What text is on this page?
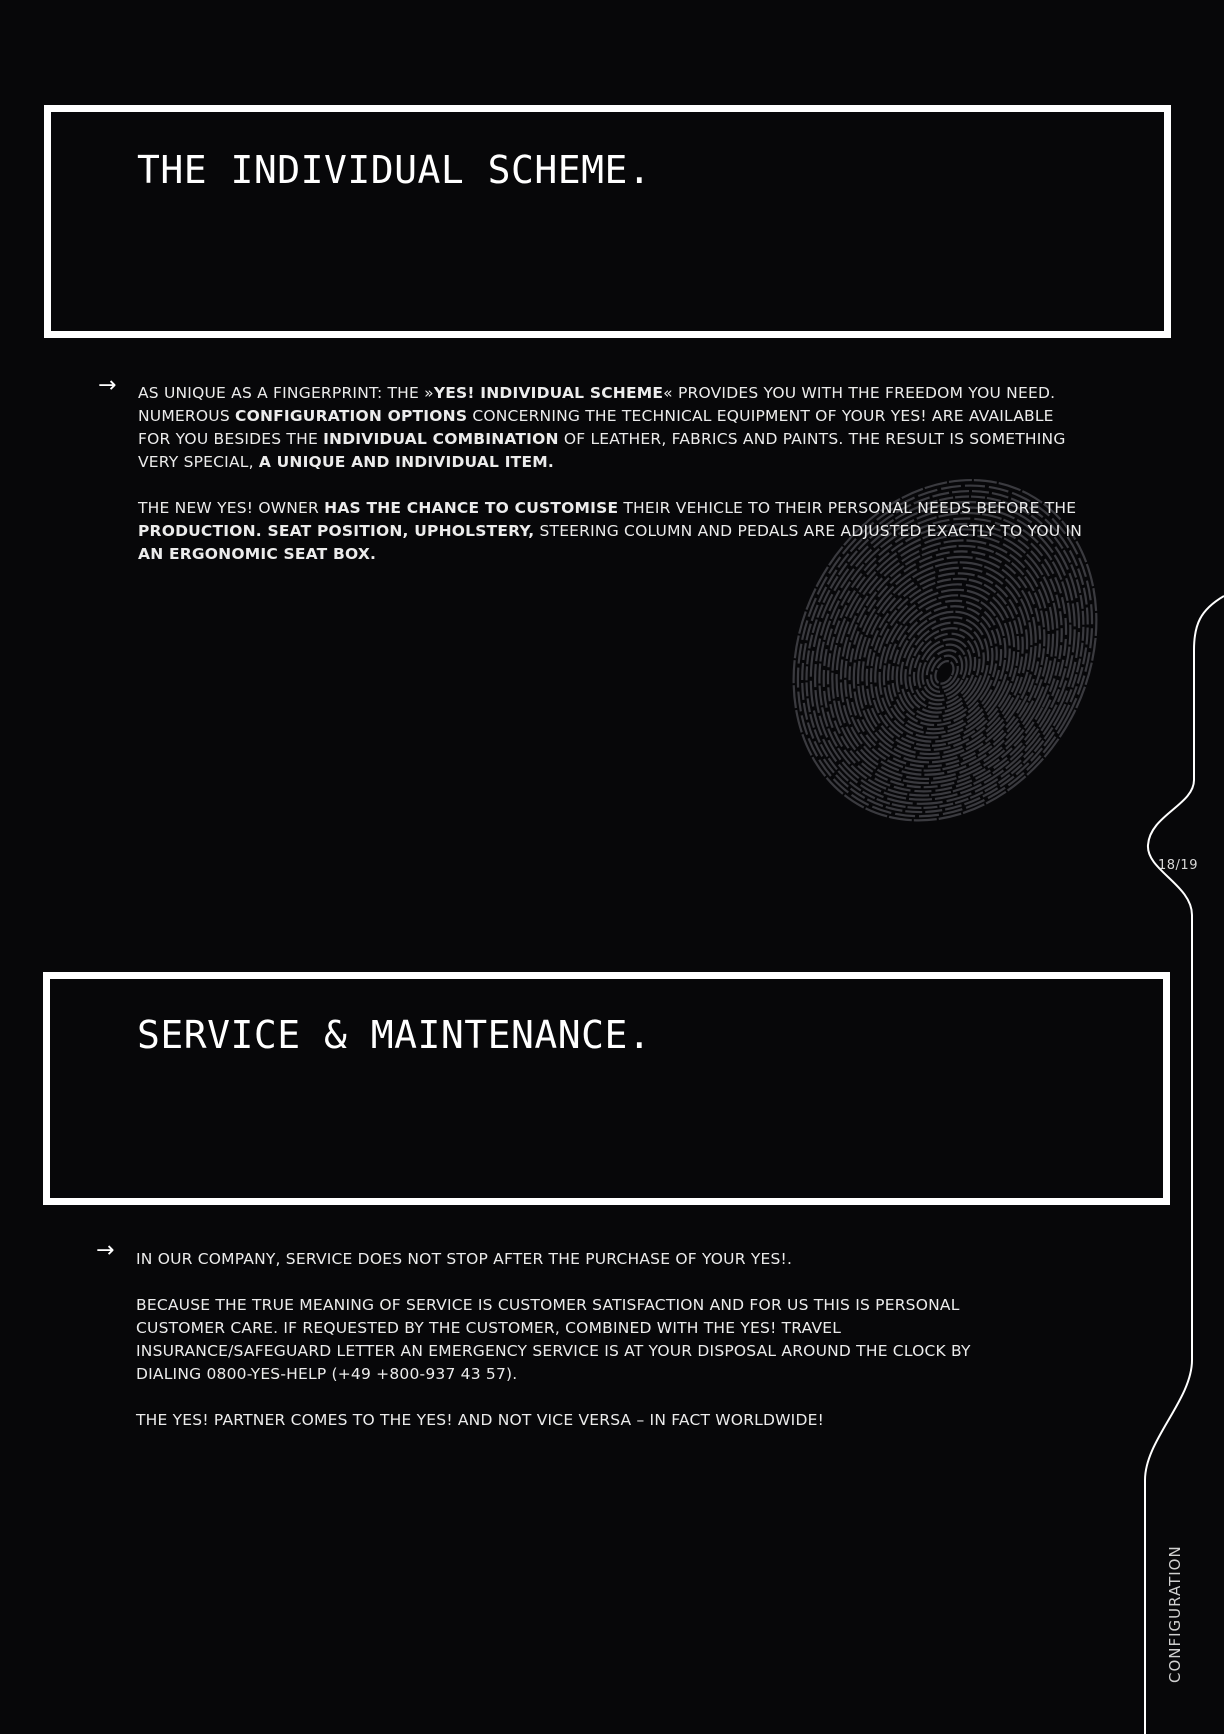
THE INDIVIDUAL SCHEME.
→ AS UNIQUE AS A FINGERPRINT: THE »YES! INDIVIDUAL SCHEME« PROVIDES YOU WITH THE FREEDOM YOU NEED. NUMEROUS CONFIGURATION OPTIONS CONCERNING THE TECHNICAL EQUIPMENT OF YOUR YES! ARE AVAILABLE FOR YOU BESIDES THE INDIVIDUAL COMBINATION OF LEATHER, FABRICS AND PAINTS. THE RESULT IS SOMETHING VERY SPECIAL, A UNIQUE AND INDIVIDUAL ITEM.

THE NEW YES! OWNER HAS THE CHANCE TO CUSTOMISE THEIR VEHICLE TO THEIR PERSONAL NEEDS BEFORE THE PRODUCTION. SEAT POSITION, UPHOLSTERY, STEERING COLUMN AND PEDALS ARE ADJUSTED EXACTLY TO YOU IN AN ERGONOMIC SEAT BOX.

SERVICE & MAINTENANCE.
→ IN OUR COMPANY, SERVICE DOES NOT STOP AFTER THE PURCHASE OF YOUR YES!.

BECAUSE THE TRUE MEANING OF SERVICE IS CUSTOMER SATISFACTION AND FOR US THIS IS PERSONAL CUSTOMER CARE. IF REQUESTED BY THE CUSTOMER, COMBINED WITH THE YES! TRAVEL INSURANCE/SAFEGUARD LETTER AN EMERGENCY SERVICE IS AT YOUR DISPOSAL AROUND THE CLOCK BY DIALING 0800-YES-HELP (+49 +800-937 43 57).

THE YES! PARTNER COMES TO THE YES! AND NOT VICE VERSA – IN FACT WORLDWIDE!

18/19
CONFIGURATION
